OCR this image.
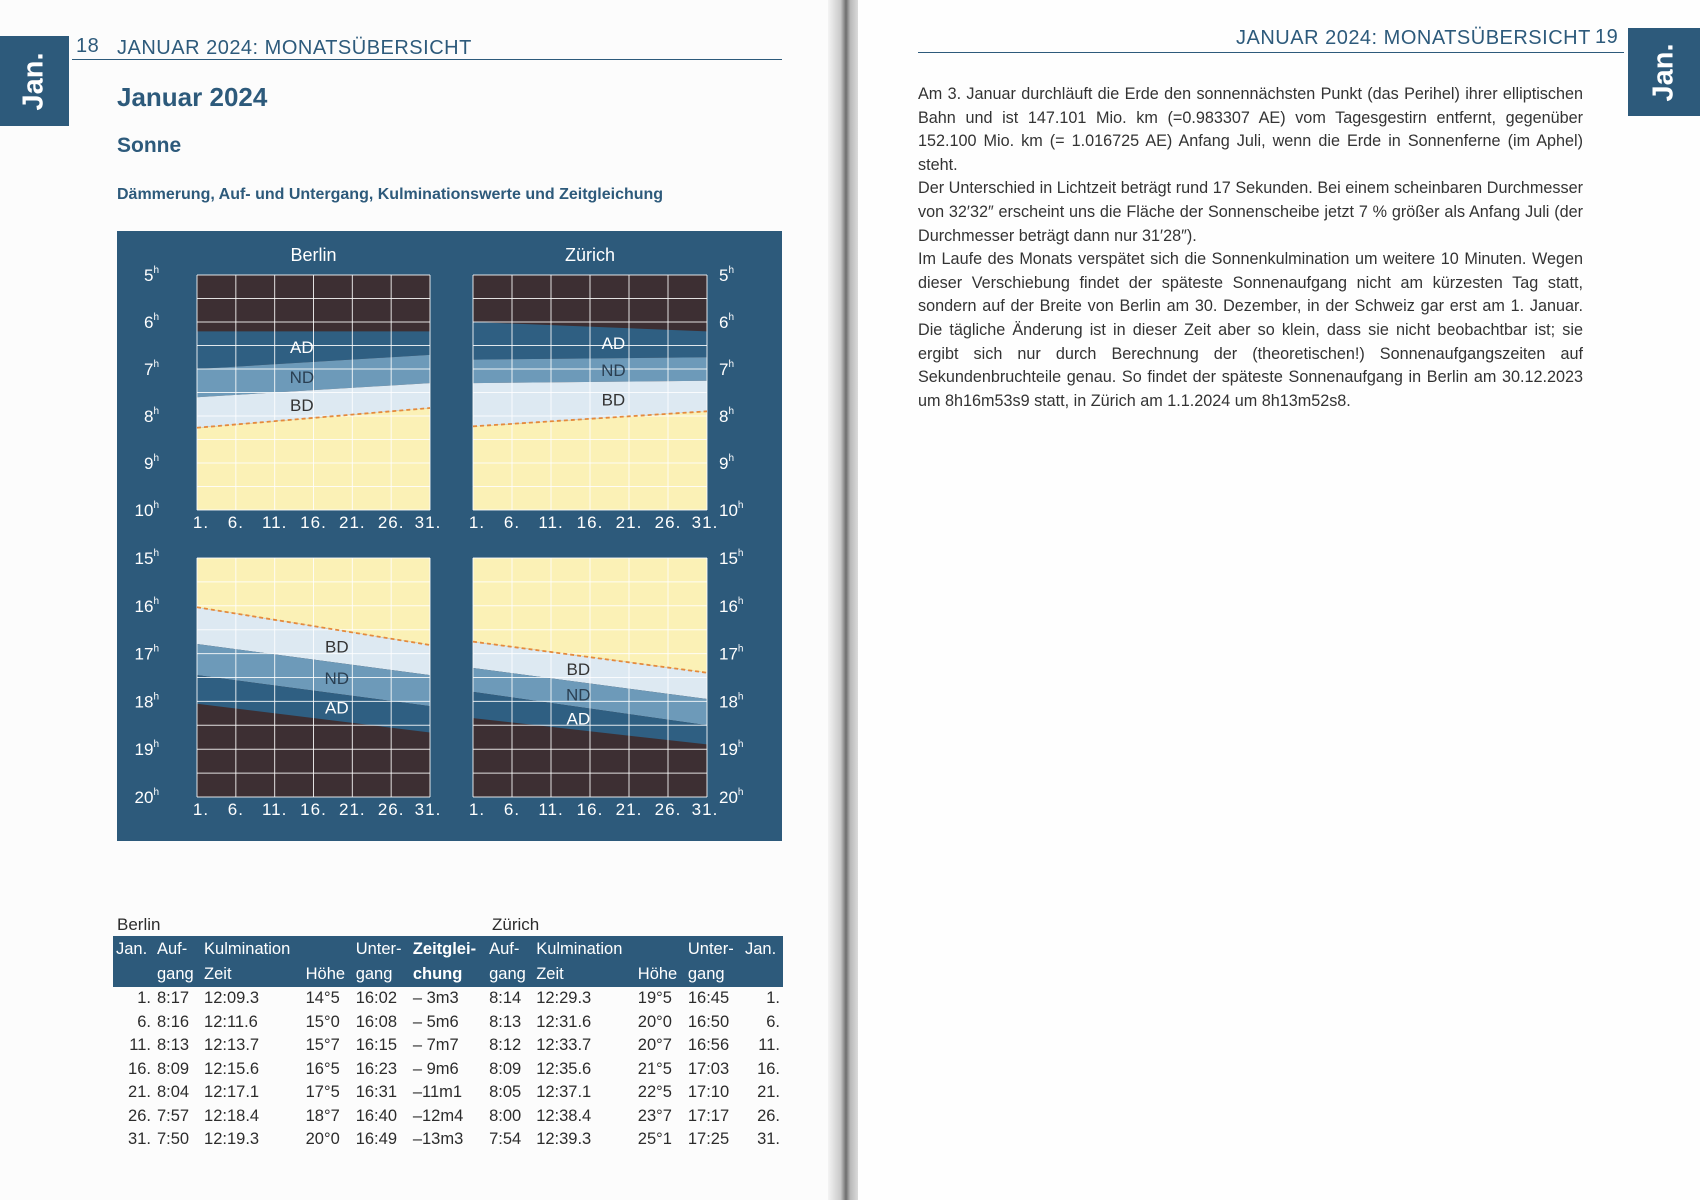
Jan.
18 JANUAR 2024: MONATSÜBERSICHT
Januar 2024
Sonne
Dämmerung, Auf- und Untergang, Kulminationswerte und Zeitgleichung
AD
ND
BD
5$^h$
6$^h$
7$^h$
8$^h$
9$^h$
10$^h$
1. 6. 11. 16. 21. 26. 31.
Berlin
AD
ND
BD
5$^h$
6$^h$
7$^h$
8$^h$
9$^h$
10$^h$
1. 6. 11. 16. 21. 26. 31.
Zürich
BD
ND
AD
15$^h$
16$^h$
17$^h$
18$^h$
19$^h$
20$^h$
1. 6. 11. 16. 21. 26. 31.
BD
ND
AD
15$^h$
16$^h$
17$^h$
18$^h$
19$^h$
20$^h$
1. 6. 11. 16. 21. 26. 31.
Berlin	Zürich
Jan.	Auf-	Kulmination		Unter-	Zeitglei-	Auf-	Kulmination		Unter-	Jan.
	gang	Zeit	Höhe	gang	chung	gang	Zeit	Höhe	gang	

1.	8:17	12:09.3	14°5	16:02	– 3m3	8:14	12:29.3	19°5	16:45	1.
6.	8:16	12:11.6	15°0	16:08	– 5m6	8:13	12:31.6	20°0	16:50	6.
11.	8:13	12:13.7	15°7	16:15	– 7m7	8:12	12:33.7	20°7	16:56	11.
16.	8:09	12:15.6	16°5	16:23	– 9m6	8:09	12:35.6	21°5	17:03	16.
21.	8:04	12:17.1	17°5	16:31	–11m1	8:05	12:37.1	22°5	17:10	21.
26.	7:57	12:18.4	18°7	16:40	–12m4	8:00	12:38.4	23°7	17:17	26.
31.	7:50	12:19.3	20°0	16:49	–13m3	7:54	12:39.3	25°1	17:25	31.
Jan.
JANUAR 2024: MONATSÜBERSICHT 19

Am 3. Januar durchläuft die Erde den sonnennächsten Punkt (das Perihel) ihrer elliptischen Bahn und ist 147.101 Mio. km (=0.983307 AE) vom Tagesgestirn entfernt, gegenüber 152.100 Mio. km (= 1.016725 AE) Anfang Juli, wenn die Erde in Sonnenferne (im Aphel) steht.

Der Unterschied in Lichtzeit beträgt rund 17 Sekunden. Bei einem scheinbaren Durchmesser von 32′32″ erscheint uns die Fläche der Sonnenscheibe jetzt 7 % größer als Anfang Juli (der Durchmesser beträgt dann nur 31′28″).

Im Laufe des Monats verspätet sich die Sonnenkulmination um weitere 10 Minuten. Wegen dieser Verschiebung findet der späteste Sonnenaufgang nicht am kürzesten Tag statt, sondern auf der Breite von Berlin am 30. Dezember, in der Schweiz gar erst am 1. Januar. Die tägliche Änderung ist in dieser Zeit aber so klein, dass sie nicht beobachtbar ist; sie ergibt sich nur durch Berechnung der (theoretischen!) Sonnenaufgangszeiten auf Sekundenbruchteile genau. So findet der späteste Sonnenaufgang in Berlin am 30.12.2023 um 8h16m53s9 statt, in Zürich am 1.1.2024 um 8h13m52s8.
